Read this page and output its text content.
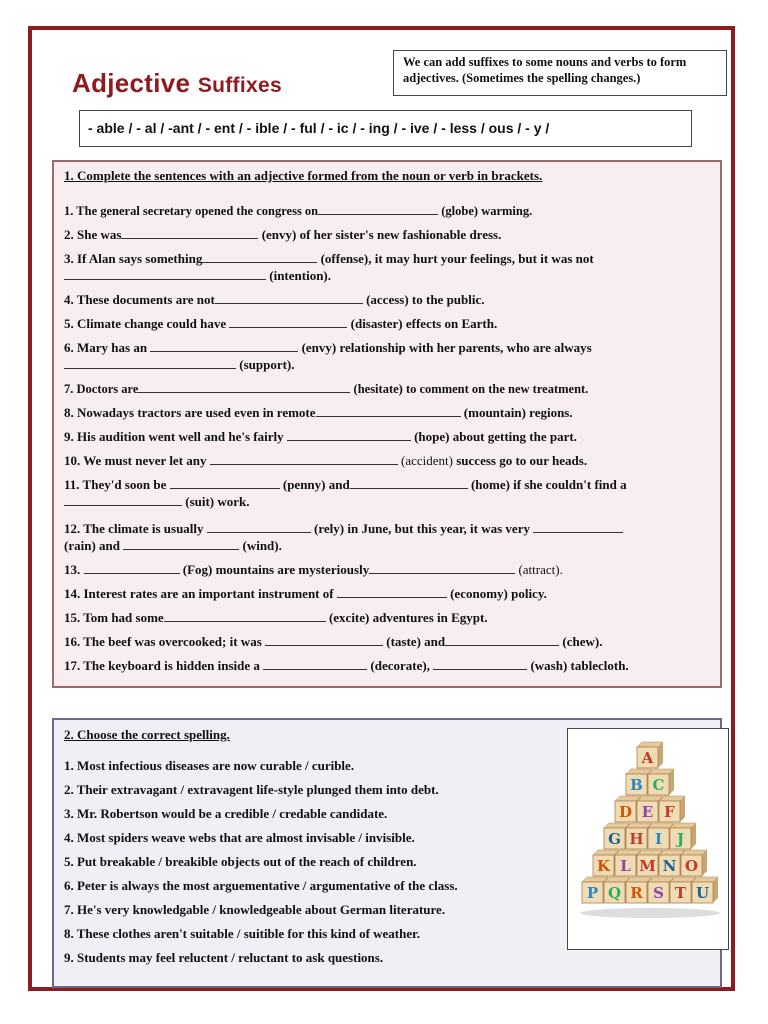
Adjective Suffixes
We can add suffixes to some nouns and verbs to form adjectives. (Sometimes the spelling changes.)
- able / - al / -ant / - ent / - ible / - ful / - ic / - ing / - ive / - less / ous / - y /
1. Complete the sentences with an adjective formed from the noun or verb in brackets.
1. The general secretary opened the congress on	(globe) warming.
2. She was	(envy) of her sister's new fashionable dress.
3. If Alan says something	(offense), it may hurt your feelings, but it was not
(intention).
4. These documents are not	(access) to the public.
5. Climate change could have	(disaster) effects on Earth.
6. Mary has an	(envy) relationship with her parents, who are always
(support).
7. Doctors are	(hesitate) to comment on the new treatment.
8. Nowadays tractors are used even in remote	(mountain) regions.
9. His audition went well and he's fairly	(hope) about getting the part.
10. We must never let any	(accident) success go to our heads.
11. They'd soon be	(penny) and	(home) if she couldn't find a
(suit) work.
12. The climate is usually	(rely) in June, but this year, it was very
(rain) and	(wind).
13.	(Fog) mountains are mysteriously	(attract).
14. Interest rates are an important instrument of	(economy) policy.
15. Tom had some	(excite) adventures in Egypt.
16. The beef was overcooked; it was	(taste) and	(chew).
17. The keyboard is hidden inside a	(decorate),	(wash) tablecloth.
2. Choose the correct spelling.
1. Most infectious diseases are now curable / curible.
2. Their extravagant / extravagent life-style plunged them into debt.
3. Mr. Robertson would be a credible / credable candidate.
4. Most spiders weave webs that are almost invisable / invisible.
5. Put breakable / breakible objects out of the reach of children.
6. Peter is always the most arguementative / argumentative of the class.
7. He's very knowledgable / knowledgeable about German literature.
8. These clothes aren't suitable / suitible for this kind of weather.
9. Students may feel reluctent / reluctant to ask questions.
A
B C
D E F
G H I J
K L M N O
P Q R S T U
